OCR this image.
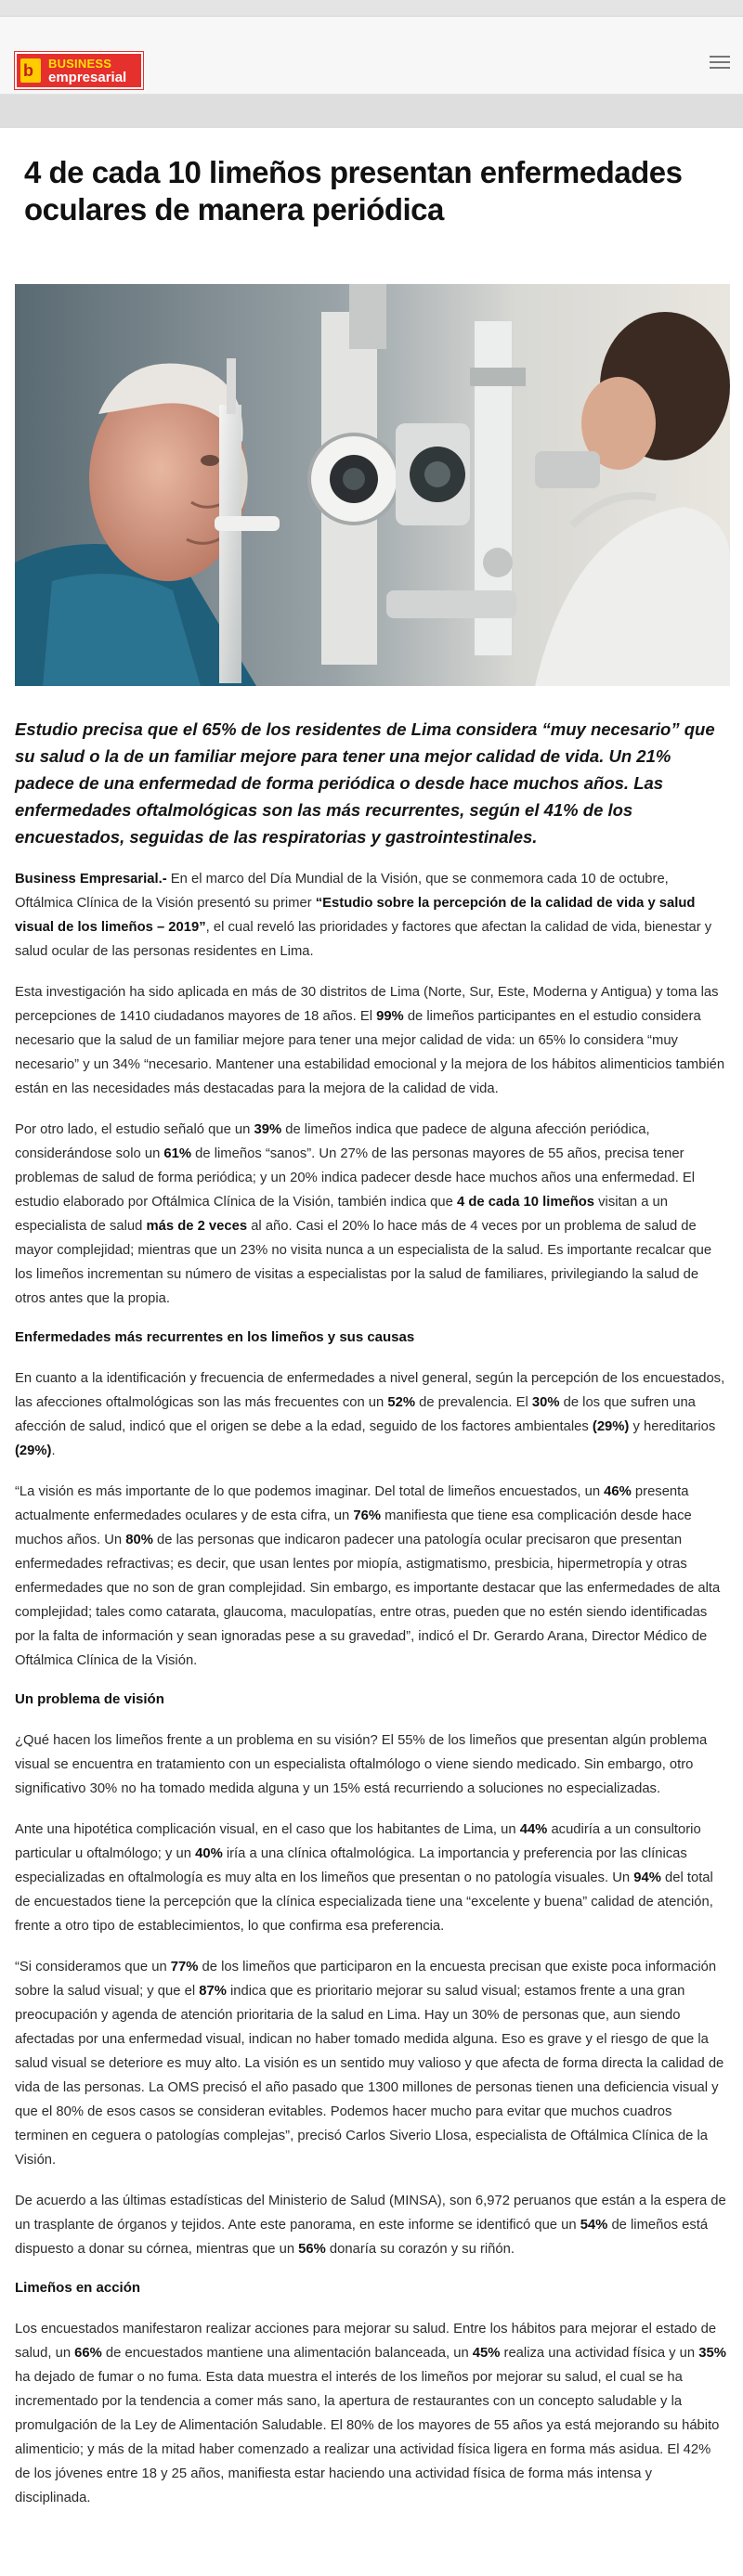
b BUSINESS
empresarial
4 de cada 10 limeños presentan enfermedades oculares de manera periódica

Estudio precisa que el 65% de los residentes de Lima considera “muy necesario” que su salud o la de un familiar mejore para tener una mejor calidad de vida. Un 21% padece de una enfermedad de forma periódica o desde hace muchos años. Las enfermedades oftalmológicas son las más recurrentes, según el 41% de los encuestados, seguidas de las respiratorias y gastrointestinales.

Business Empresarial.- En el marco del Día Mundial de la Visión, que se conmemora cada 10 de octubre, Oftálmica Clínica de la Visión presentó su primer “Estudio sobre la percepción de la calidad de vida y salud visual de los limeños – 2019”, el cual reveló las prioridades y factores que afectan la calidad de vida, bienestar y salud ocular de las personas residentes en Lima.

Esta investigación ha sido aplicada en más de 30 distritos de Lima (Norte, Sur, Este, Moderna y Antigua) y toma las percepciones de 1410 ciudadanos mayores de 18 años. El 99% de limeños participantes en el estudio considera necesario que la salud de un familiar mejore para tener una mejor calidad de vida: un 65% lo considera “muy necesario” y un 34% “necesario. Mantener una estabilidad emocional y la mejora de los hábitos alimenticios también están en las necesidades más destacadas para la mejora de la calidad de vida.

Por otro lado, el estudio señaló que un 39% de limeños indica que padece de alguna afección periódica, considerándose solo un 61% de limeños “sanos”. Un 27% de las personas mayores de 55 años, precisa tener problemas de salud de forma periódica; y un 20% indica padecer desde hace muchos años una enfermedad. El estudio elaborado por Oftálmica Clínica de la Visión, también indica que 4 de cada 10 limeños visitan a un especialista de salud más de 2 veces al año. Casi el 20% lo hace más de 4 veces por un problema de salud de mayor complejidad; mientras que un 23% no visita nunca a un especialista de la salud. Es importante recalcar que los limeños incrementan su número de visitas a especialistas por la salud de familiares, privilegiando la salud de otros antes que la propia.

Enfermedades más recurrentes en los limeños y sus causas

En cuanto a la identificación y frecuencia de enfermedades a nivel general, según la percepción de los encuestados, las afecciones oftalmológicas son las más frecuentes con un 52% de prevalencia. El 30% de los que sufren una afección de salud, indicó que el origen se debe a la edad, seguido de los factores ambientales (29%) y hereditarios (29%).

“La visión es más importante de lo que podemos imaginar. Del total de limeños encuestados, un 46% presenta actualmente enfermedades oculares y de esta cifra, un 76% manifiesta que tiene esa complicación desde hace muchos años. Un 80% de las personas que indicaron padecer una patología ocular precisaron que presentan enfermedades refractivas; es decir, que usan lentes por miopía, astigmatismo, presbicia, hipermetropía y otras enfermedades que no son de gran complejidad. Sin embargo, es importante destacar que las enfermedades de alta complejidad; tales como catarata, glaucoma, maculopatías, entre otras, pueden que no estén siendo identificadas por la falta de información y sean ignoradas pese a su gravedad”, indicó el Dr. Gerardo Arana, Director Médico de Oftálmica Clínica de la Visión.

Un problema de visión

¿Qué hacen los limeños frente a un problema en su visión? El 55% de los limeños que presentan algún problema visual se encuentra en tratamiento con un especialista oftalmólogo o viene siendo medicado. Sin embargo, otro significativo 30% no ha tomado medida alguna y un 15% está recurriendo a soluciones no especializadas.

Ante una hipotética complicación visual, en el caso que los habitantes de Lima, un 44% acudiría a un consultorio particular u oftalmólogo; y un 40% iría a una clínica oftalmológica. La importancia y preferencia por las clínicas especializadas en oftalmología es muy alta en los limeños que presentan o no patología visuales. Un 94% del total de encuestados tiene la percepción que la clínica especializada tiene una “excelente y buena” calidad de atención, frente a otro tipo de establecimientos, lo que confirma esa preferencia.

“Si consideramos que un 77% de los limeños que participaron en la encuesta precisan que existe poca información sobre la salud visual; y que el 87% indica que es prioritario mejorar su salud visual; estamos frente a una gran preocupación y agenda de atención prioritaria de la salud en Lima. Hay un 30% de personas que, aun siendo afectadas por una enfermedad visual, indican no haber tomado medida alguna. Eso es grave y el riesgo de que la salud visual se deteriore es muy alto. La visión es un sentido muy valioso y que afecta de forma directa la calidad de vida de las personas. La OMS precisó el año pasado que 1300 millones de personas tienen una deficiencia visual y que el 80% de esos casos se consideran evitables. Podemos hacer mucho para evitar que muchos cuadros terminen en ceguera o patologías complejas”, precisó Carlos Siverio Llosa, especialista de Oftálmica Clínica de la Visión.

De acuerdo a las últimas estadísticas del Ministerio de Salud (MINSA), son 6,972 peruanos que están a la espera de un trasplante de órganos y tejidos. Ante este panorama, en este informe se identificó que un 54% de limeños está dispuesto a donar su córnea, mientras que un 56% donaría su corazón y su riñón.

Limeños en acción

Los encuestados manifestaron realizar acciones para mejorar su salud. Entre los hábitos para mejorar el estado de salud, un 66% de encuestados mantiene una alimentación balanceada, un 45% realiza una actividad física y un 35% ha dejado de fumar o no fuma. Esta data muestra el interés de los limeños por mejorar su salud, el cual se ha incrementado por la tendencia a comer más sano, la apertura de restaurantes con un concepto saludable y la promulgación de la Ley de Alimentación Saludable. El 80% de los mayores de 55 años ya está mejorando su hábito alimenticio; y más de la mitad haber comenzado a realizar una actividad física ligera en forma más asidua. El 42% de los jóvenes entre 18 y 25 años, manifiesta estar haciendo una actividad física de forma más intensa y disciplinada.
